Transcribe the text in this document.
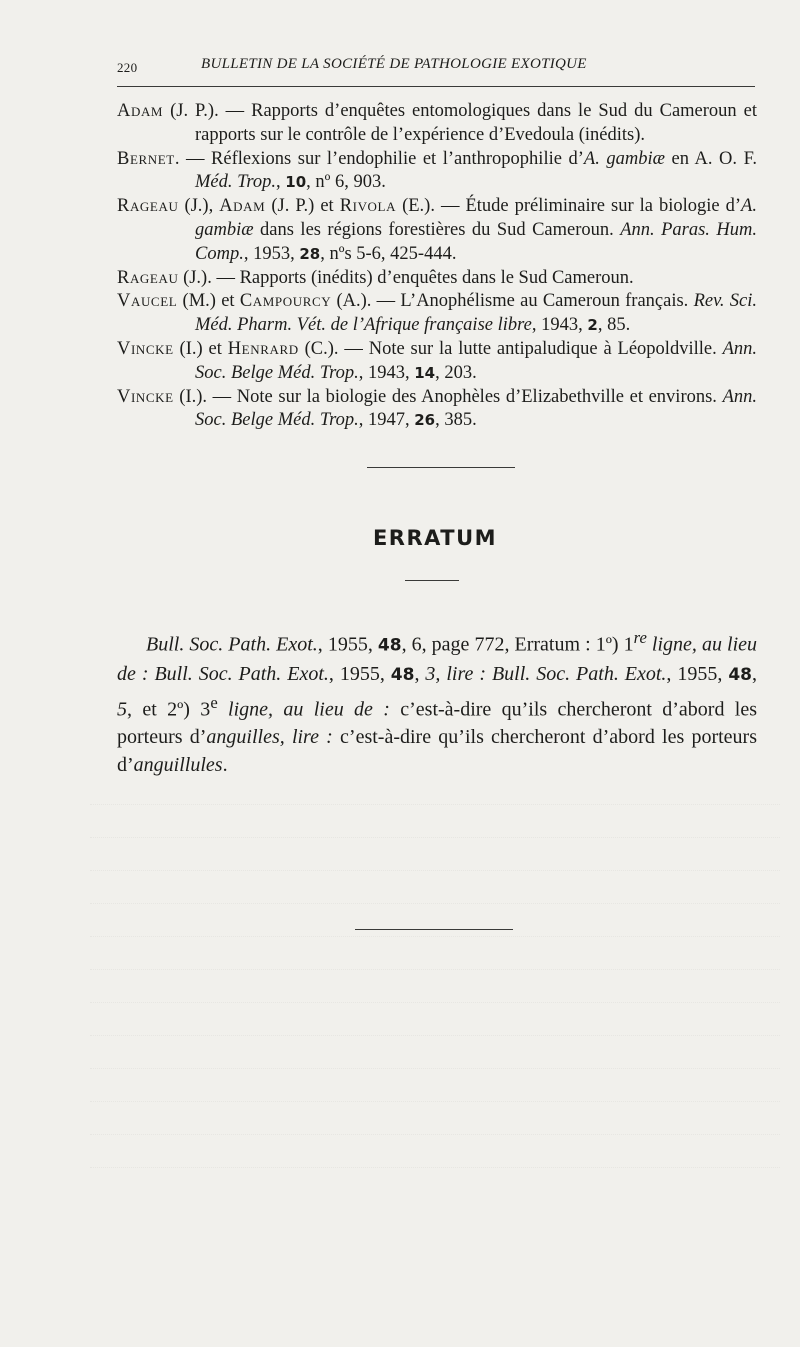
220	BULLETIN DE LA SOCIÉTÉ DE PATHOLOGIE EXOTIQUE
Adam (J. P.). — Rapports d’enquêtes entomologiques dans le Sud du Cameroun et rapports sur le contrôle de l’expérience d’Evedoula (inédits).
Bernet. — Réflexions sur l’endophilie et l’anthropophilie d’A. gambiæ en A. O. F. Méd. Trop., 10, nº 6, 903.
Rageau (J.), Adam (J. P.) et Rivola (E.). — Étude préliminaire sur la biologie d’A. gambiæ dans les régions forestières du Sud Cameroun. Ann. Paras. Hum. Comp., 1953, 28, nºs 5-6, 425-444.
Rageau (J.). — Rapports (inédits) d’enquêtes dans le Sud Cameroun.
Vaucel (M.) et Campourcy (A.). — L’Anophélisme au Cameroun français. Rev. Sci. Méd. Pharm. Vét. de l’Afrique française libre, 1943, 2, 85.
Vincke (I.) et Henrard (C.). — Note sur la lutte antipaludique à Léopoldville. Ann. Soc. Belge Méd. Trop., 1943, 14, 203.
Vincke (I.). — Note sur la biologie des Anophèles d’Elizabethville et environs. Ann. Soc. Belge Méd. Trop., 1947, 26, 385.
ERRATUM
Bull. Soc. Path. Exot., 1955, 48, 6, page 772, Erratum : 1º) 1re ligne, au lieu de : Bull. Soc. Path. Exot., 1955, 48, 3, lire : Bull. Soc. Path. Exot., 1955, 48, 5, et 2º) 3e ligne, au lieu de : c’est-à-dire qu’ils chercheront d’abord les porteurs d’anguilles, lire : c’est-à-dire qu’ils chercheront d’abord les porteurs d’anguillules.
